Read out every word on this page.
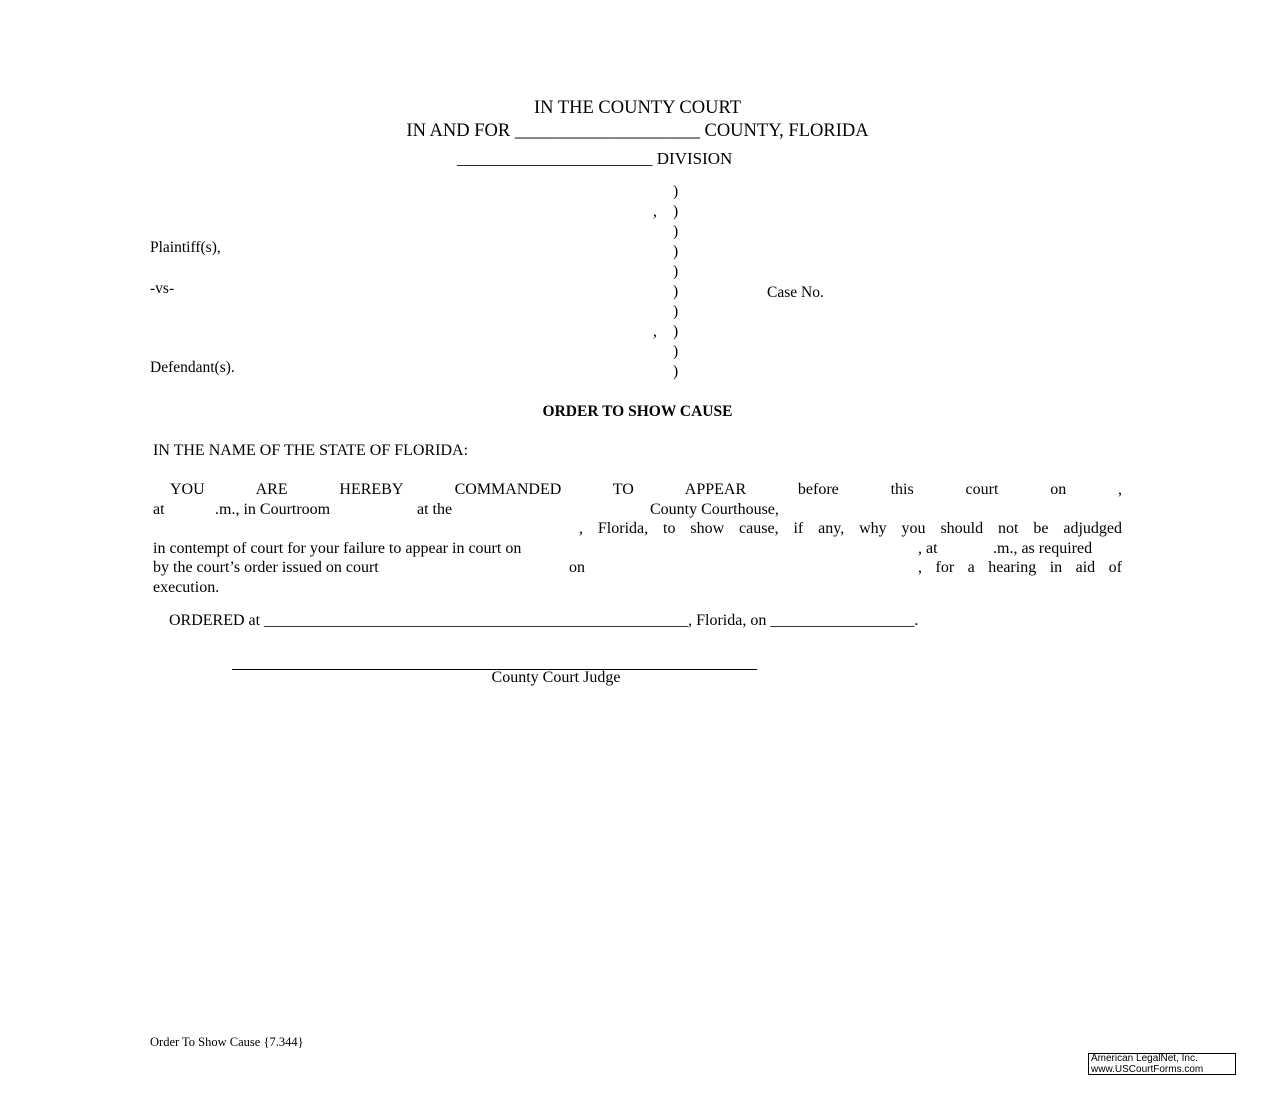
IN THE COUNTY COURT
IN AND FOR ____________________ COUNTY, FLORIDA
_______________________ DIVISION
)
)
)
)
)
)
)
)
)
)
,
Plaintiff(s),
-vs-
,
Defendant(s).
Case No.
ORDER TO SHOW CAUSE
IN THE NAME OF THE STATE OF FLORIDA:
YOU ARE HEREBY COMMANDED TO APPEAR	before this court on	,
at	.m., in Courtroom	at the	County Courthouse,
, Florida, to show cause, if any, why you should not be adjudged
in contempt of court for your failure to appear in court on	, at	.m., as required
by the court’s order issued on court	on	, for a hearing in aid of
execution.
ORDERED at _____________________________________________________, Florida, on __________________.
County Court Judge
Order To Show Cause {7.344}
American LegalNet, Inc.
www.USCourtForms.com
